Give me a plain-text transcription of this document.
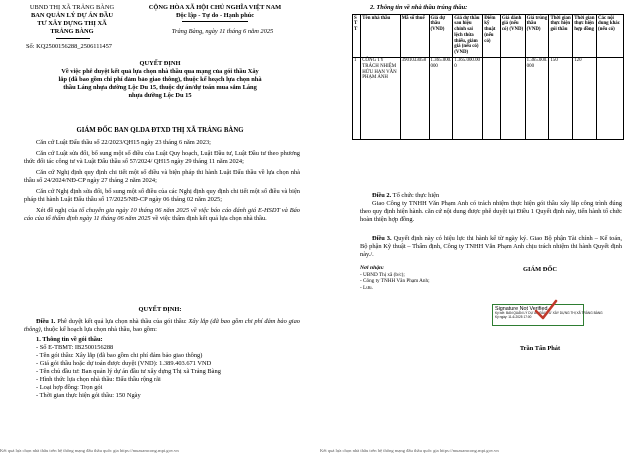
UBND THỊ XÃ TRẢNG BÀNG
BAN QUẢN LÝ DỰ ÁN ĐẦU
TƯ XÂY DỰNG THỊ XÃ
TRẢNG BÀNG
Số: KQ2500156288_2506111457
CỘNG HÒA XÃ HỘI CHỦ NGHĨA VIỆT NAM
Độc lập - Tự do - Hạnh phúc
Trảng Bàng, ngày 11 tháng 6 năm 2025
QUYẾT ĐỊNH
Về việc phê duyệt kết quả lựa chọn nhà thầu qua mạng của gói thầu Xây
lắp (đã bao gồm chi phí đảm bảo giao thông), thuộc kế hoạch lựa chọn nhà
thầu Láng nhựa đường Lộc Du 15, thuộc dự án/dự toán mua sắm Láng
nhựa đường Lộc Du 15
GIÁM ĐỐC BAN QLDA ĐTXD THỊ XÃ TRẢNG BÀNG
Căn cứ Luật Đấu thầu số 22/2023/QH15 ngày 23 tháng 6 năm 2023;
Căn cứ Luật sửa đổi, bổ sung một số điều của Luật Quy hoạch, Luật Đầu tư, Luật Đầu tư theo phương thức đối tác công tư và Luật Đấu thầu số 57/2024/ QH15 ngày 29 tháng 11 năm 2024;
Căn cứ Nghị định quy định chi tiết một số điều và biện pháp thi hành Luật Đấu thầu về lựa chọn nhà thầu số 24/2024/NĐ-CP ngày 27 tháng 2 năm 2024;
Căn cứ Nghị định sửa đổi, bổ sung một số điều của các Nghị định quy định chi tiết một số điều và biện pháp thi hành Luật Đấu thầu số 17/2025/NĐ-CP ngày 06 tháng 02 năm 2025;
Xét đề nghị của tổ chuyên gia ngày 10 tháng 06 năm 2025 về việc báo cáo đánh giá E-HSDT và Báo cáo của tổ thẩm định ngày 11 tháng 06 năm 2025 về việc thẩm định kết quả lựa chọn nhà thầu.
QUYẾT ĐỊNH:
Điều 1. Phê duyệt kết quả lựa chọn nhà thầu của gói thầu: Xây lắp (đã bao gồm chi phí đảm bảo giao thông), thuộc kế hoạch lựa chọn nhà thầu, bao gồm:
1. Thông tin về gói thầu:
- Số E-TBMT: IB2500156288
- Tên gói thầu: Xây lắp (đã bao gồm chi phí đảm bảo giao thông)
- Giá gói thầu hoặc dự toán được duyệt (VND): 1.389.403.671 VND
- Tên chủ đầu tư: Ban quản lý dự án đầu tư xây dựng Thị xã Trảng Bàng
- Hình thức lựa chọn nhà thầu: Đấu thầu rộng rãi
- Loại hợp đồng: Trọn gói
- Thời gian thực hiện gói thầu: 150 Ngày
Kết quả lựa chọn nhà thầu trên hệ thống mạng đấu thầu quốc gia https://muasamcong.mpi.gov.vn
2. Thông tin về nhà thầu trúng thầu:
STT	Tên nhà thầu	Mã số thuế	Giá dự thầu (VND)	Giá dự thầu sau hiệu chỉnh sai lệch thừa thiếu, giảm giá (nếu có) (VND)	Điểm kỹ thuật (nếu có)	Giá đánh giá (nếu có) (VND)	Giá trúng thầu (VND)	Thời gian thực hiện gói thầu	Thời gian thực hiện hợp đồng	Các nội dung khác (nếu có)
1	CÔNG TY TRÁCH NHIỆM HỮU HẠN VĂN PHẠM ANH	3901033058	1.365.000.000	1.365.000.000			1.365.000.000	150	120	
Điều 2. Tổ chức thực hiện
Giao Công ty TNHH Văn Phạm Anh có trách nhiệm thực hiện gói thầu xây lắp công trình đúng theo quy định hiện hành. căn cứ nội dung được phê duyệt tại Điều 1 Quyết định này, tiến hành tổ chức hoàn thiện hợp đồng.
Điều 3. Quyết định này có hiệu lực thi hành kể từ ngày ký. Giao Bộ phận Tài chính – Kế toán, Bộ phận Kỹ thuật – Thẩm định, Công ty TNHH Văn Phạm Anh chịu trách nhiệm thi hành Quyết định này./.
Nơi nhận:
- UBND Thị xã (b/c);
- Công ty TNHH Văn Phạm Anh;
- Lưu.
GIÁM ĐỐC
Signature Not Verified
Ký bởi: BAN QUẢN LÝ DỰ ÁN ĐẦU TƯ XÂY DỰNG THỊ XÃ TRẢNG BÀNG
Ký ngày: 11-6-2025 17:00
Trần Tấn Phát
Kết quả lựa chọn nhà thầu trên hệ thống mạng đấu thầu quốc gia https://muasamcong.mpi.gov.vn
